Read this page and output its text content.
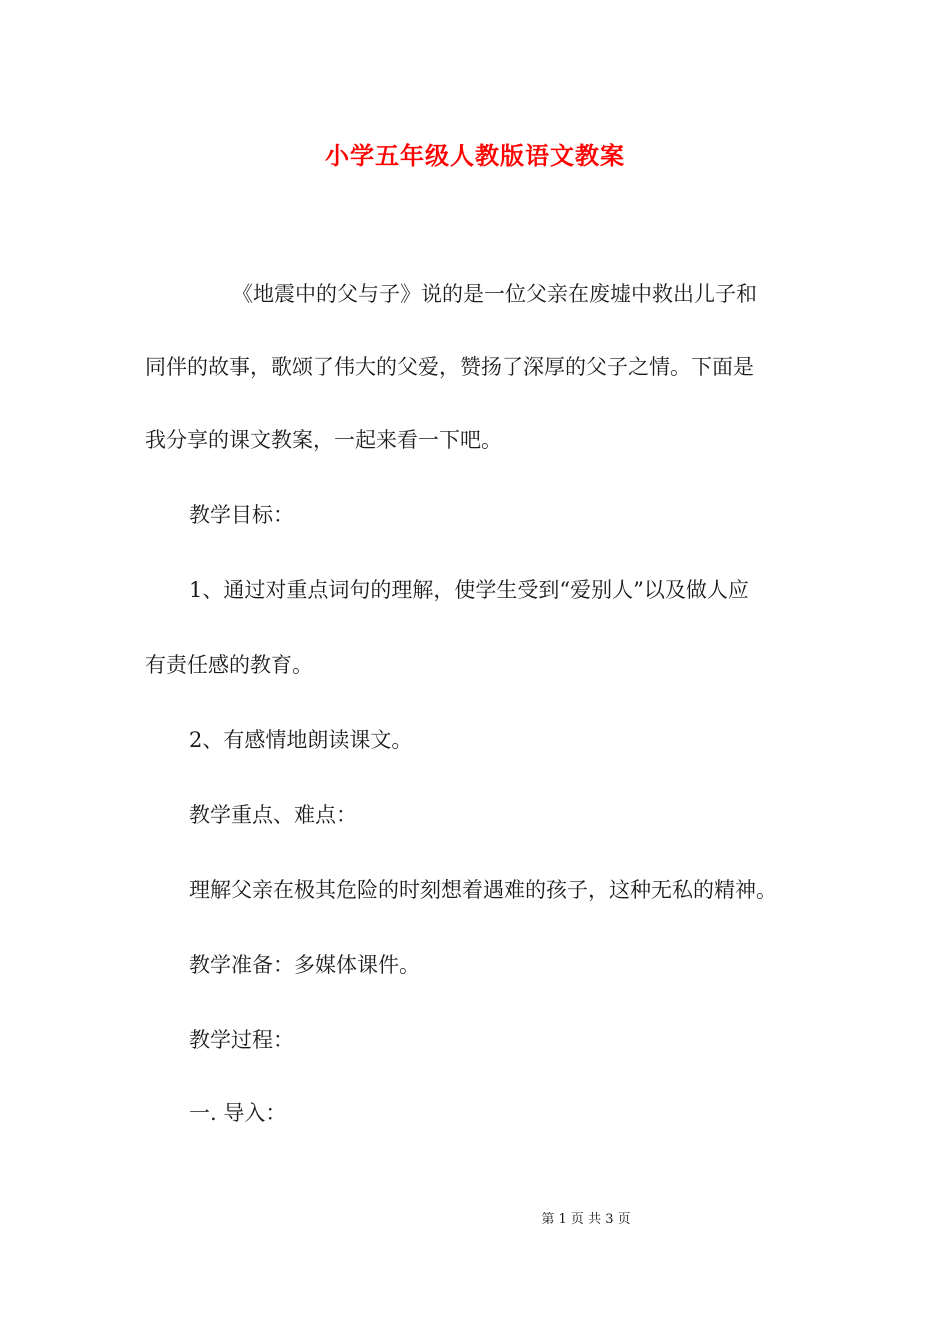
小学五年级人教版语文教案
《地震中的父与子》说的是一位父亲在废墟中救出儿子和
同伴的故事，歌颂了伟大的父爱，赞扬了深厚的父子之情。下面是
我分享的课文教案，一起来看一下吧。
教学目标：
1、通过对重点词句的理解，使学生受到“爱别人”以及做人应
有责任感的教育。
2、有感情地朗读课文。
教学重点、难点：
理解父亲在极其危险的时刻想着遇难的孩子，这种无私的精神。
教学准备：多媒体课件。
教学过程：
一. 导入：
第 1 页 共 3 页
